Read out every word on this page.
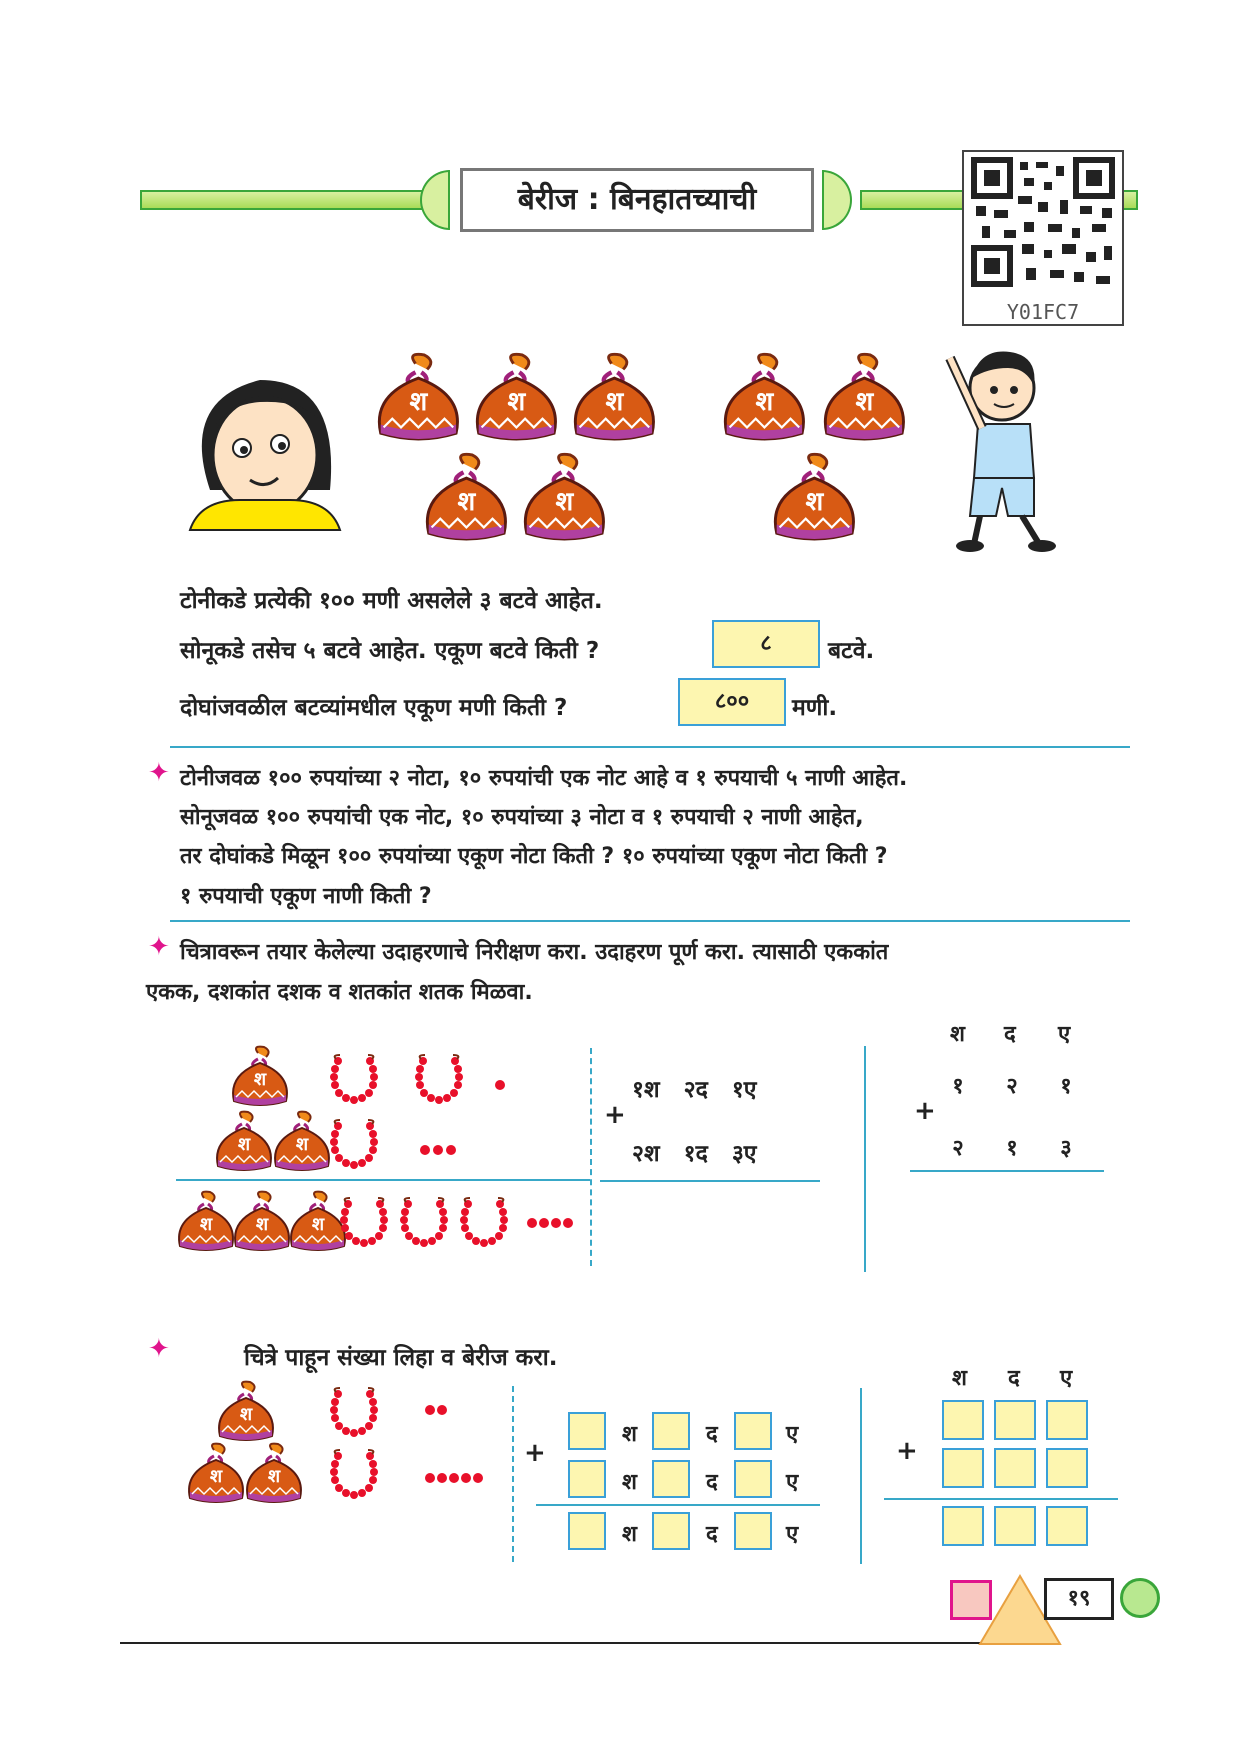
बेरीज : बिनहातच्याची
Y01FC7
टोनीकडे प्रत्येकी १०० मणी असलेले ३ बटवे आहेत.
सोनूकडे तसेच ५ बटवे आहेत. एकूण बटवे किती ?	८	बटवे.
दोघांजवळील बटव्यांमधील एकूण मणी किती ?	८००	मणी.
✦ टोनीजवळ १०० रुपयांच्या २ नोटा, १० रुपयांची एक नोट आहे व १ रुपयाची ५ नाणी आहेत.
सोनूजवळ १०० रुपयांची एक नोट, १० रुपयांच्या ३ नोटा व १ रुपयाची २ नाणी आहेत,
तर दोघांकडे मिळून १०० रुपयांच्या एकूण नोटा किती ? १० रुपयांच्या एकूण नोटा किती ?
१ रुपयाची एकूण नाणी किती ?
✦ चित्रावरून तयार केलेल्या उदाहरणाचे निरीक्षण करा. उदाहरण पूर्ण करा. त्यासाठी एककांत
एकक, दशकांत दशक व शतकांत शतक मिळवा.
१श   २द   १ए
+
२श   १द   ३ए
श द ए
१	२	१
+
२	१	३
✦	चित्रे पाहून संख्या लिहा व बेरीज करा.
श	द	ए
+
श	द	ए
श	द	ए
श द ए
+
१९
